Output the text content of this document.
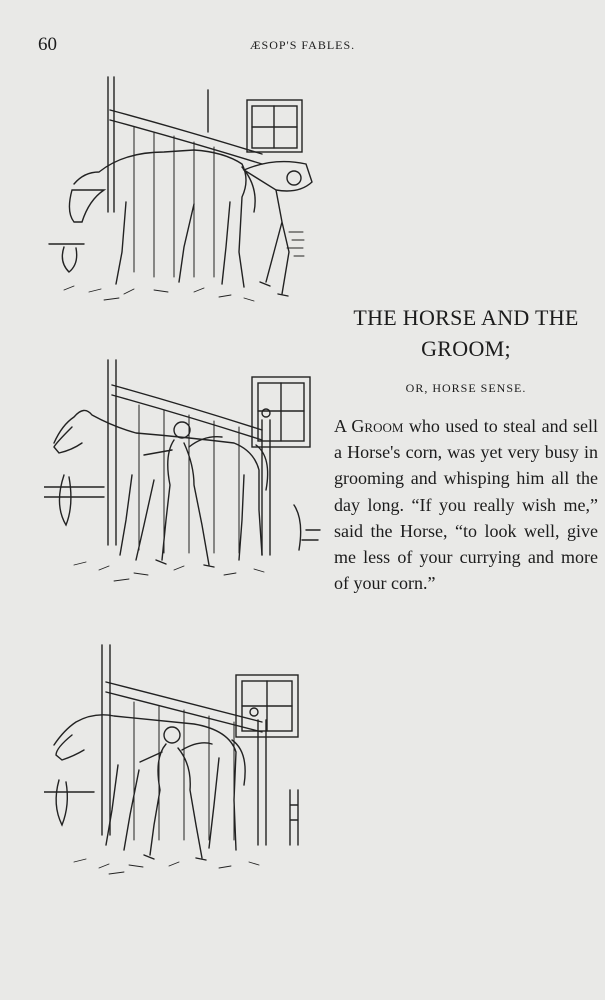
60	ÆSOP'S FABLES.
THE HORSE AND THE GROOM;
OR, HORSE SENSE.
A Groom who used to steal and sell a Horse's corn, was yet very busy in grooming and whisping him all the day long. “If you really wish me,” said the Horse, “to look well, give me less of your currying and more of your corn.”
